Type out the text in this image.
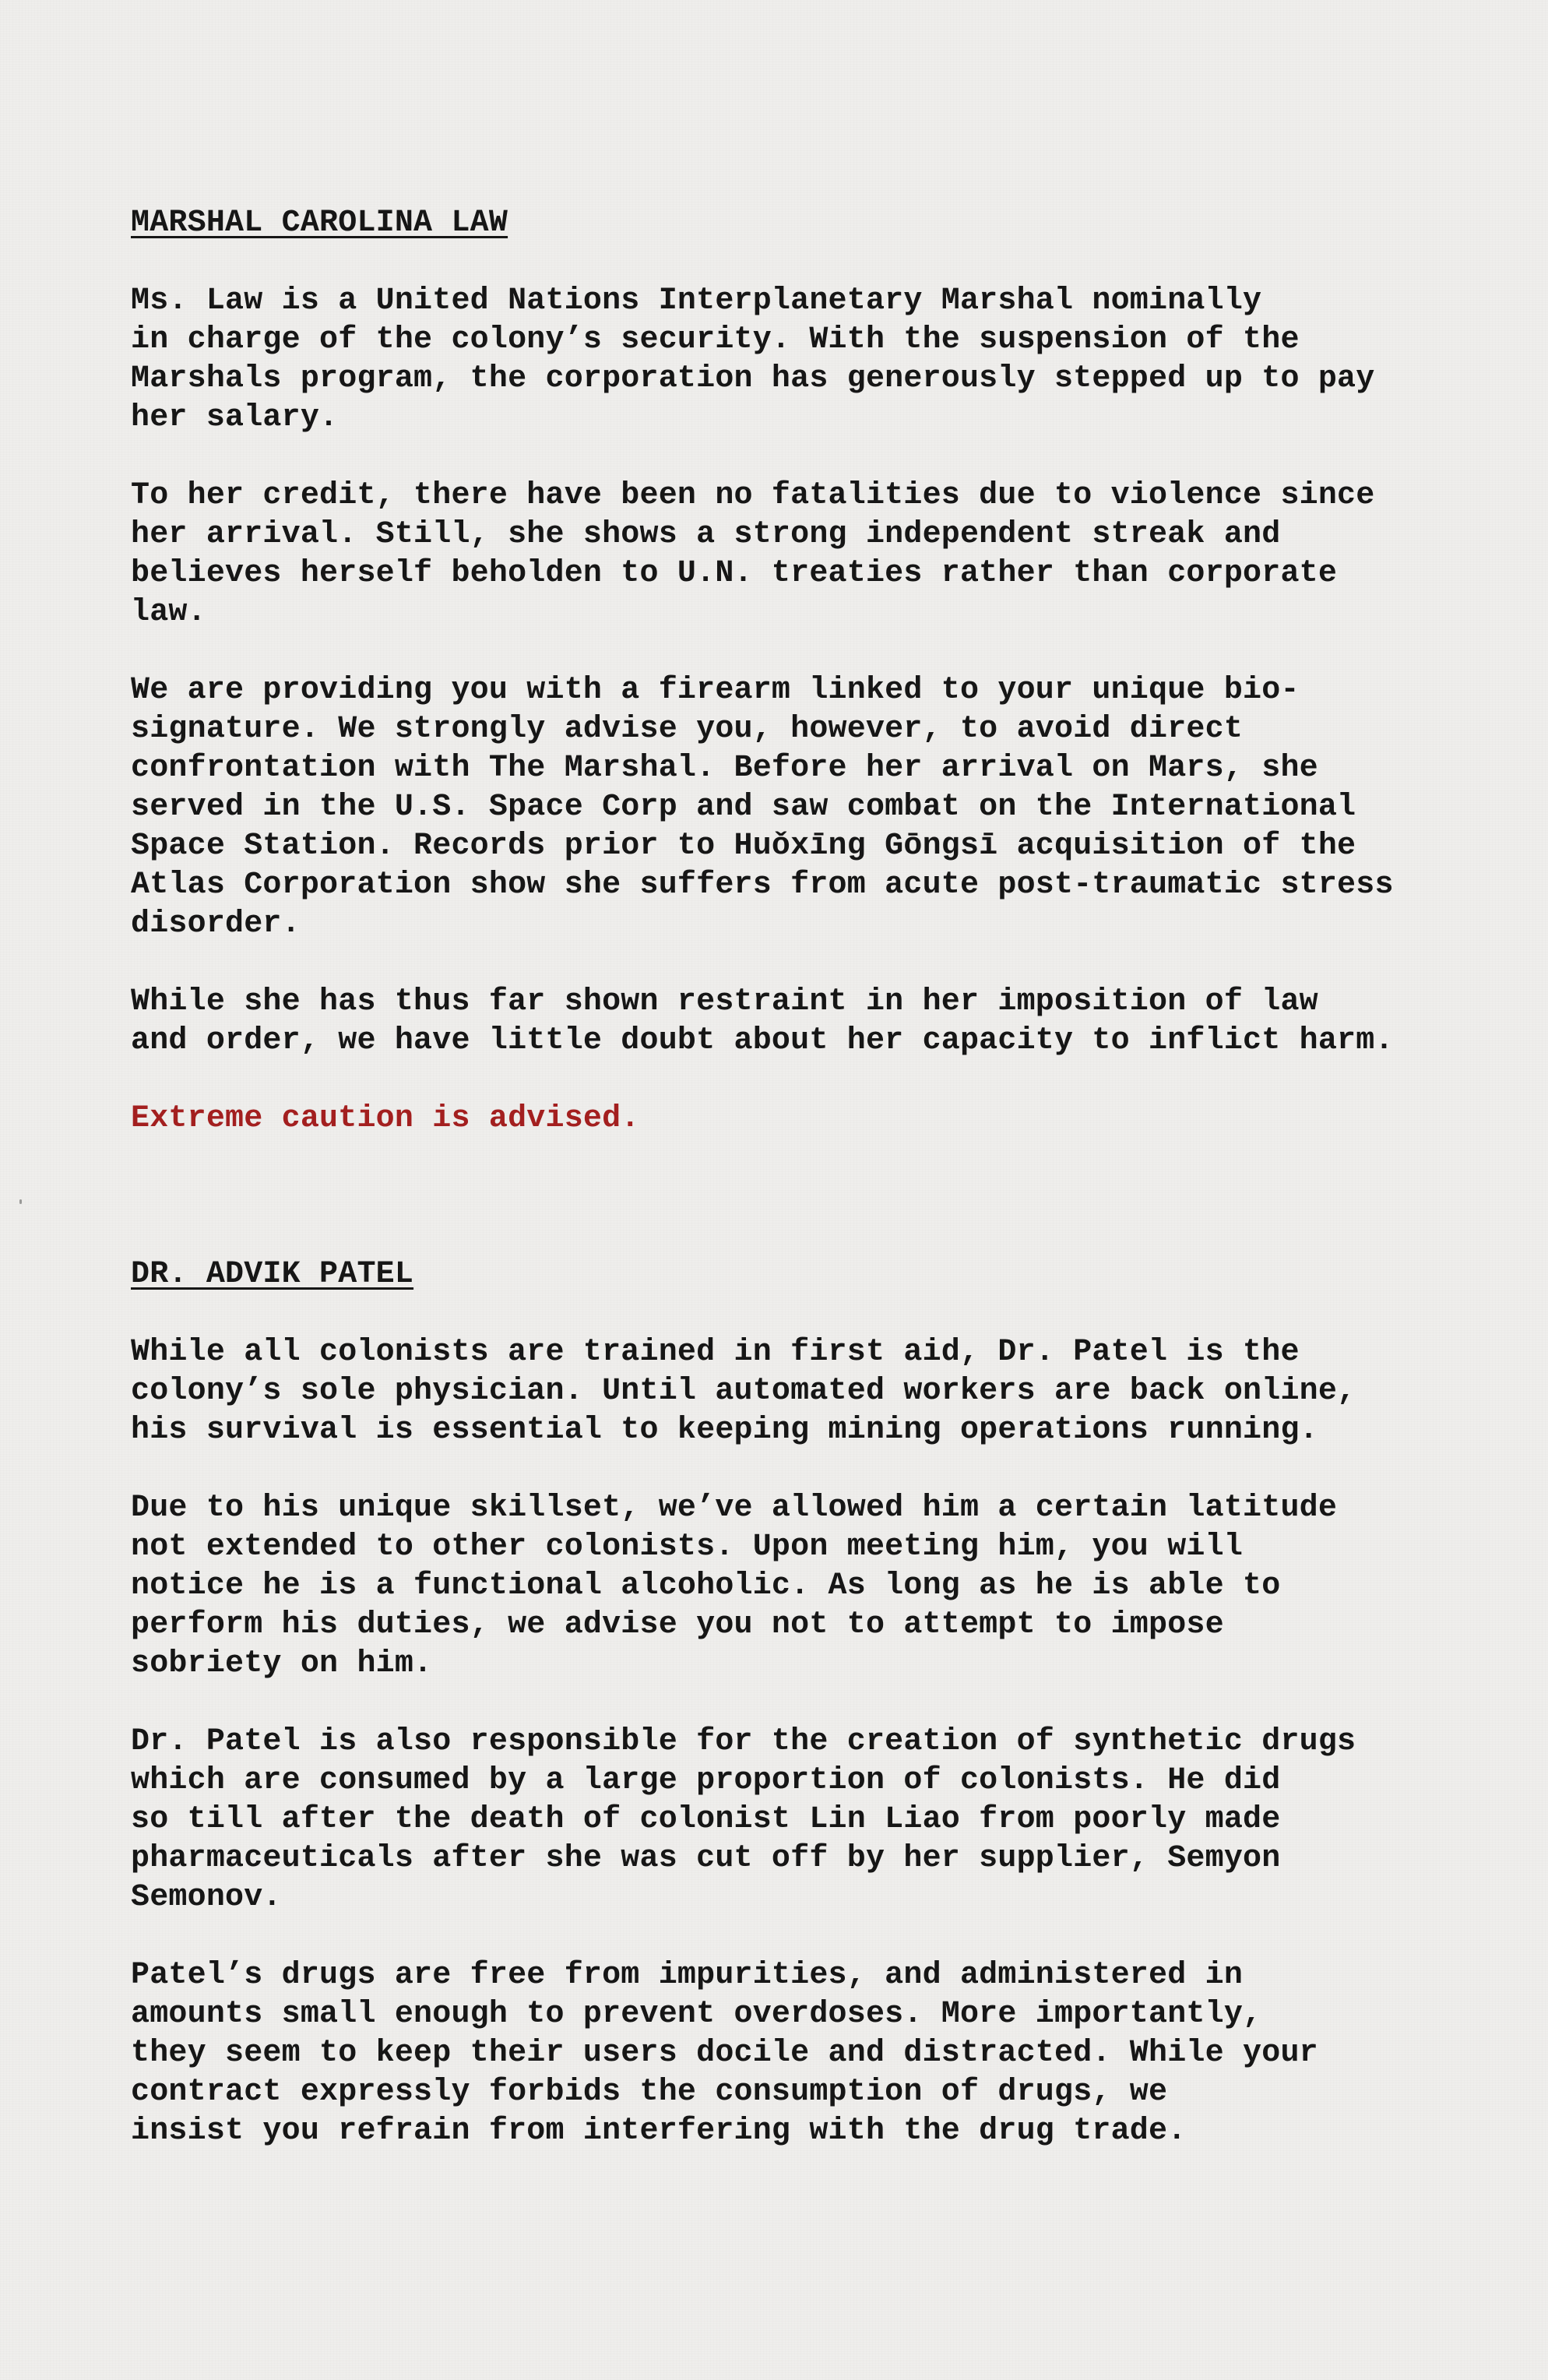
MARSHAL CAROLINA LAW

Ms. Law is a United Nations Interplanetary Marshal nominally
in charge of the colony’s security. With the suspension of the
Marshals program, the corporation has generously stepped up to pay
her salary.

To her credit, there have been no fatalities due to violence since
her arrival. Still, she shows a strong independent streak and
believes herself beholden to U.N. treaties rather than corporate
law.

We are providing you with a firearm linked to your unique bio-
signature. We strongly advise you, however, to avoid direct
confrontation with The Marshal. Before her arrival on Mars, she
served in the U.S. Space Corp and saw combat on the International
Space Station. Records prior to Huǒxīng Gōngsī acquisition of the
Atlas Corporation show she suffers from acute post-traumatic stress
disorder.

While she has thus far shown restraint in her imposition of law
and order, we have little doubt about her capacity to inflict harm.

Extreme caution is advised.

DR. ADVIK PATEL

While all colonists are trained in first aid, Dr. Patel is the
colony’s sole physician. Until automated workers are back online,
his survival is essential to keeping mining operations running.

Due to his unique skillset, we’ve allowed him a certain latitude
not extended to other colonists. Upon meeting him, you will
notice he is a functional alcoholic. As long as he is able to
perform his duties, we advise you not to attempt to impose
sobriety on him.

Dr. Patel is also responsible for the creation of synthetic drugs
which are consumed by a large proportion of colonists. He did
so till after the death of colonist Lin Liao from poorly made
pharmaceuticals after she was cut off by her supplier, Semyon
Semonov.

Patel’s drugs are free from impurities, and administered in
amounts small enough to prevent overdoses. More importantly,
they seem to keep their users docile and distracted. While your
contract expressly forbids the consumption of drugs, we
insist you refrain from interfering with the drug trade.
